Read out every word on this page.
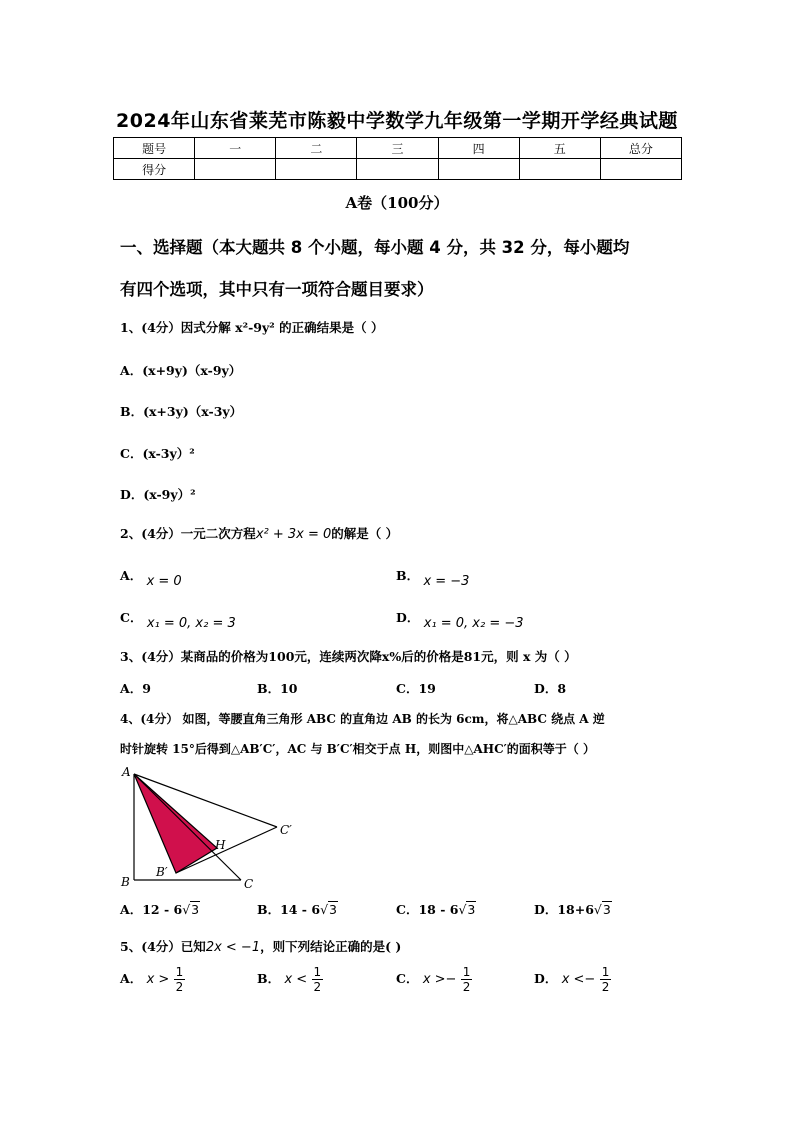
2024年山东省莱芜市陈毅中学数学九年级第一学期开学经典试题
题号	一	二	三	四	五	总分
得分						
A卷（100分）
一、选择题（本大题共 8 个小题，每小题 4 分，共 32 分，每小题均
有四个选项，其中只有一项符合题目要求）
1、(4分）因式分解 x²-9y² 的正确结果是（ ）
A．(x+9y)（x-9y）
B．(x+3y)（x-3y）
C．(x-3y）²
D．(x-9y）²
2、(4分）一元二次方程x² + 3x = 0的解是（ ）
A． x = 0	B． x = −3
C． x₁ = 0, x₂ = 3	D． x₁ = 0, x₂ = −3
3、(4分）某商品的价格为100元，连续两次降x%后的价格是81元，则 x 为（ ）
A．9	B．10	C．19	D．8
4、(4分） 如图，等腰直角三角形 ABC 的直角边 AB 的长为 6cm，将△ABC 绕点 A 逆
时针旋转 15°后得到△AB′C′，AC 与 B′C′相交于点 H，则图中△AHC′的面积等于（ ）
A
B	C
B′
C′
H
A．12 - 6√3	B．14 - 6√3	C．18 - 6√3	D．18+6√3
5、(4分）已知2x < −1，则下列结论正确的是( )
A． $x > \frac{1}{2}$	B． $x < \frac{1}{2}$	C． $x >- \frac{1}{2}$	D． $x <- \frac{1}{2}$
